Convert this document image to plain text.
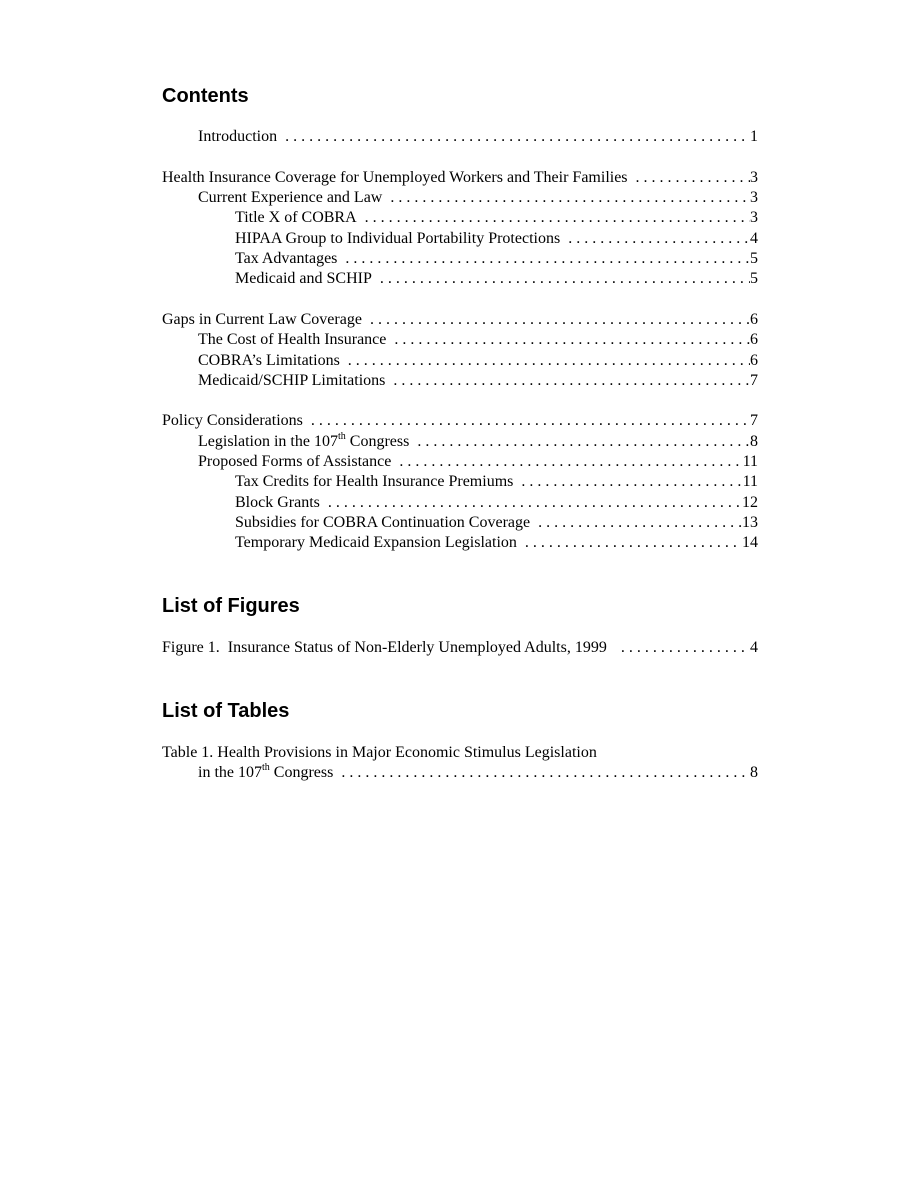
Contents
Introduction . . .	1
Health Insurance Coverage for Unemployed Workers and Their Families . . .	3
Current Experience and Law . . .	3
Title X of COBRA . . .	3
HIPAA Group to Individual Portability Protections . . .	4
Tax Advantages . . .	5
Medicaid and SCHIP . . .	5
Gaps in Current Law Coverage . . .	6
The Cost of Health Insurance . . .	6
COBRA’s Limitations . . .	6
Medicaid/SCHIP Limitations . . .	7
Policy Considerations . . .	7
Legislation in the 107th Congress . . .	8
Proposed Forms of Assistance . . .	11
Tax Credits for Health Insurance Premiums . . .	11
Block Grants . . .	12
Subsidies for COBRA Continuation Coverage . . .	13
Temporary Medicaid Expansion Legislation . . .	14
List of Figures
Figure 1.  Insurance Status of Non-Elderly Unemployed Adults, 1999 . . .	4
List of Tables
Table 1. Health Provisions in Major Economic Stimulus Legislation
in the 107th Congress . . .	8
